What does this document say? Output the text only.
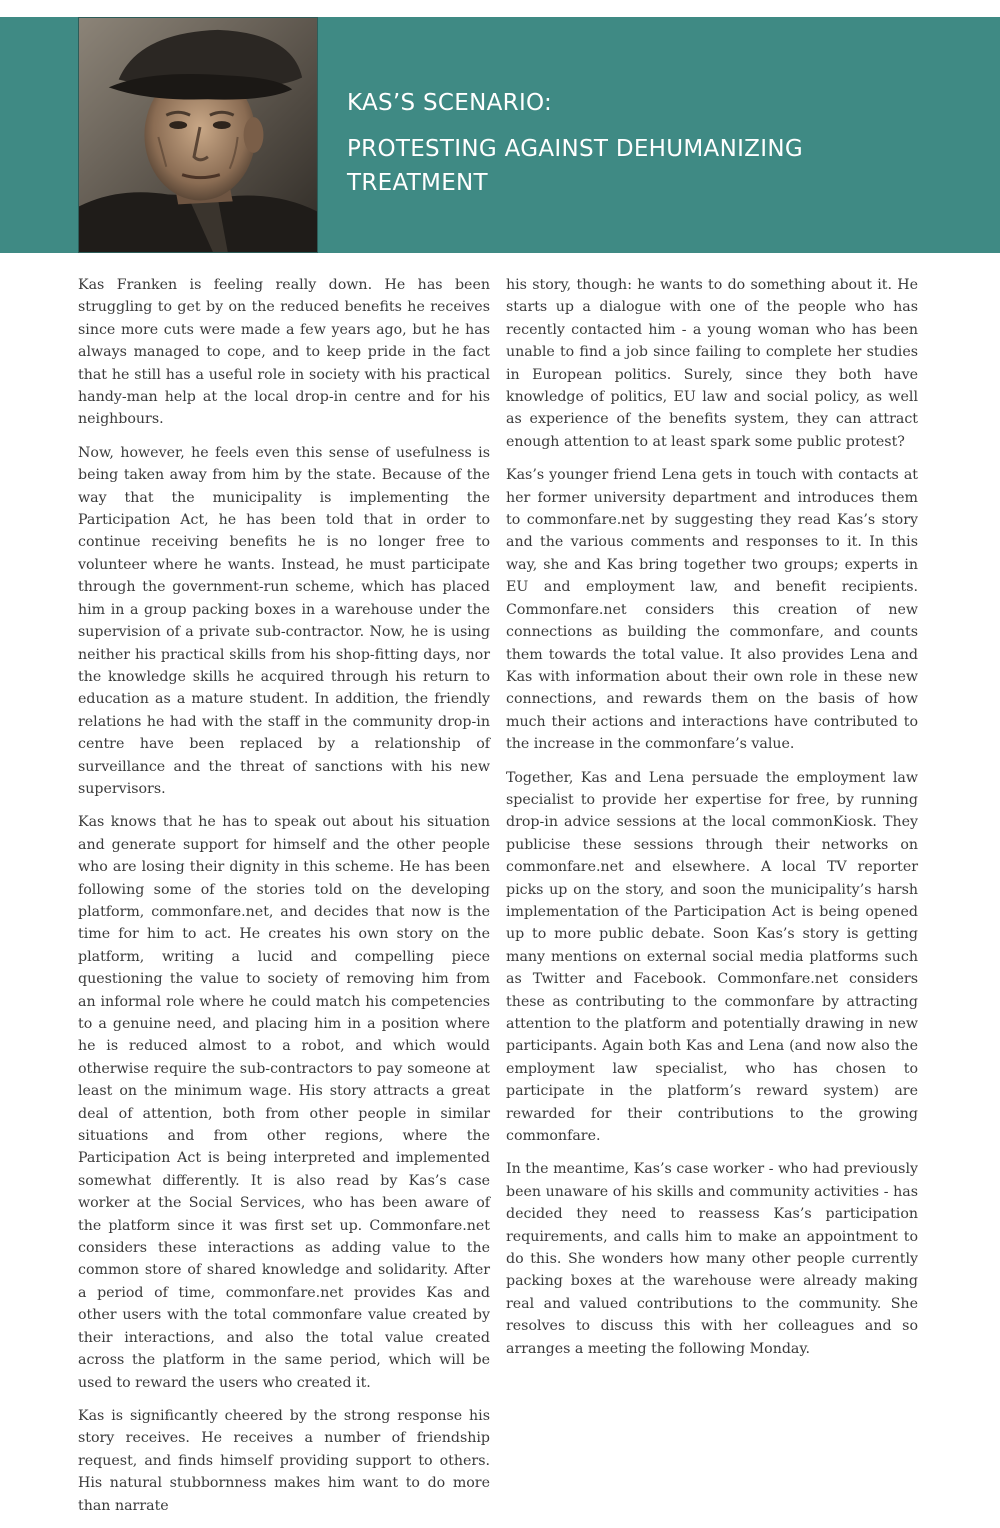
KAS’S SCENARIO:
PROTESTING AGAINST DEHUMANIZING TREATMENT

Kas Franken is feeling really down. He has been struggling to get by on the reduced benefits he receives since more cuts were made a few years ago, but he has always managed to cope, and to keep pride in the fact that he still has a useful role in society with his practical handy-man help at the local drop-in centre and for his neighbours.

Now, however, he feels even this sense of usefulness is being taken away from him by the state. Because of the way that the municipality is implementing the Participation Act, he has been told that in order to continue receiving benefits he is no longer free to volunteer where he wants. Instead, he must participate through the government-run scheme, which has placed him in a group packing boxes in a warehouse under the supervision of a private sub-contractor. Now, he is using neither his practical skills from his shop-fitting days, nor the knowledge skills he acquired through his return to education as a mature student. In addition, the friendly relations he had with the staff in the community drop-in centre have been replaced by a relationship of surveillance and the threat of sanctions with his new supervisors.

Kas knows that he has to speak out about his situation and generate support for himself and the other people who are losing their dignity in this scheme. He has been following some of the stories told on the developing platform, commonfare.net, and decides that now is the time for him to act. He creates his own story on the platform, writing a lucid and compelling piece questioning the value to society of removing him from an informal role where he could match his competencies to a genuine need, and placing him in a position where he is reduced almost to a robot, and which would otherwise require the sub-contractors to pay someone at least on the minimum wage. His story attracts a great deal of attention, both from other people in similar situations and from other regions, where the Participation Act is being interpreted and implemented somewhat differently. It is also read by Kas’s case worker at the Social Services, who has been aware of the platform since it was first set up. Commonfare.net considers these interactions as adding value to the common store of shared knowledge and solidarity. After a period of time, commonfare.net provides Kas and other users with the total commonfare value created by their interactions, and also the total value created across the platform in the same period, which will be used to reward the users who created it.

Kas is significantly cheered by the strong response his story receives. He receives a number of friendship request, and finds himself providing support to others. His natural stubbornness makes him want to do more than narrate

his story, though: he wants to do something about it. He starts up a dialogue with one of the people who has recently contacted him - a young woman who has been unable to find a job since failing to complete her studies in European politics. Surely, since they both have knowledge of politics, EU law and social policy, as well as experience of the benefits system, they can attract enough attention to at least spark some public protest?

Kas’s younger friend Lena gets in touch with contacts at her former university department and introduces them to commonfare.net by suggesting they read Kas’s story and the various comments and responses to it. In this way, she and Kas bring together two groups; experts in EU and employment law, and benefit recipients. Commonfare.net considers this creation of new connections as building the commonfare, and counts them towards the total value. It also provides Lena and Kas with information about their own role in these new connections, and rewards them on the basis of how much their actions and interactions have contributed to the increase in the commonfare’s value.

Together, Kas and Lena persuade the employment law specialist to provide her expertise for free, by running drop-in advice sessions at the local commonKiosk. They publicise these sessions through their networks on commonfare.net and elsewhere. A local TV reporter picks up on the story, and soon the municipality’s harsh implementation of the Participation Act is being opened up to more public debate. Soon Kas’s story is getting many mentions on external social media platforms such as Twitter and Facebook. Commonfare.net considers these as contributing to the commonfare by attracting attention to the platform and potentially drawing in new participants. Again both Kas and Lena (and now also the employment law specialist, who has chosen to participate in the platform’s reward system) are rewarded for their contributions to the growing commonfare.

In the meantime, Kas’s case worker - who had previously been unaware of his skills and community activities - has decided they need to reassess Kas’s participation requirements, and calls him to make an appointment to do this. She wonders how many other people currently packing boxes at the warehouse were already making real and valued contributions to the community. She resolves to discuss this with her colleagues and so arranges a meeting the following Monday.
